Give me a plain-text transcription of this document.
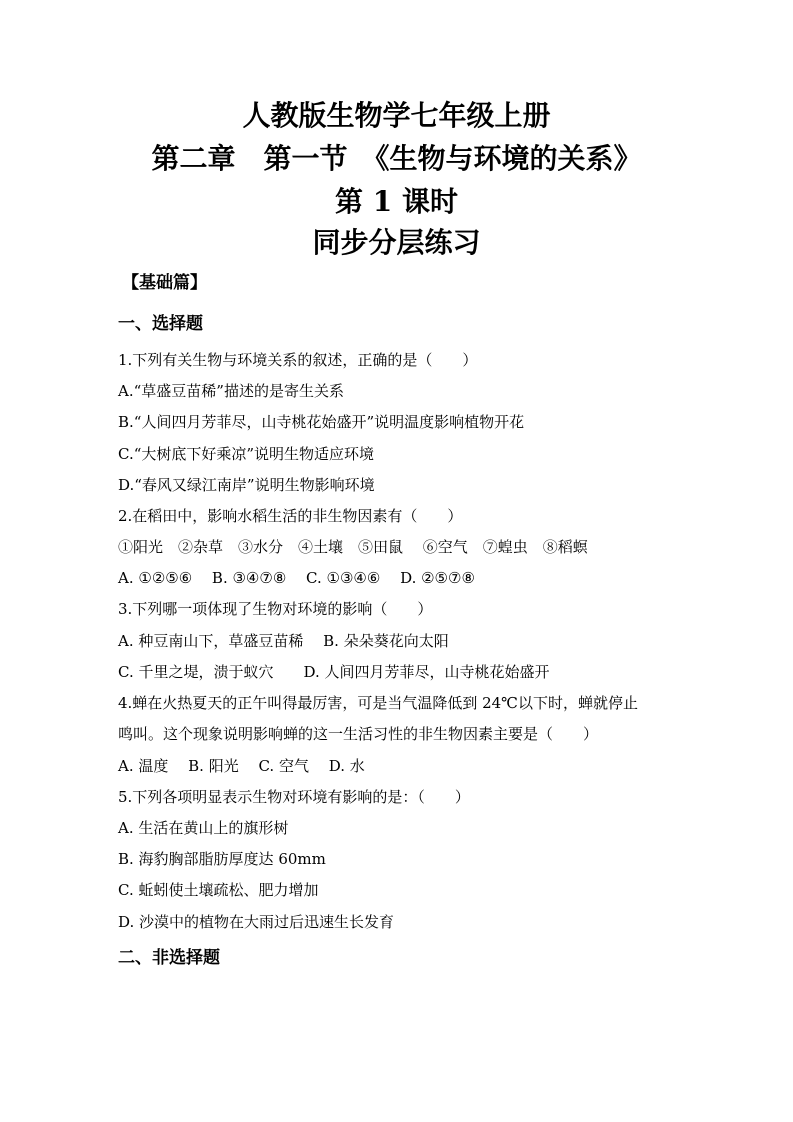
人教版生物学七年级上册
第二章　第一节　《生物与环境的关系》
第 1 课时
同步分层练习
【基础篇】
一、选择题
1.下列有关生物与环境关系的叙述，正确的是（　　）
A.“草盛豆苗稀”描述的是寄生关系
B.“人间四月芳菲尽，山寺桃花始盛开”说明温度影响植物开花
C.“大树底下好乘凉”说明生物适应环境
D.“春风又绿江南岸”说明生物影响环境
2.在稻田中，影响水稻生活的非生物因素有（　　）
①阳光　②杂草　③水分　④土壤　⑤田鼠　 ⑥空气　⑦蝗虫　⑧稻螟
A. ①②⑤⑥　 B. ③④⑦⑧　 C. ①③④⑥　 D. ②⑤⑦⑧
3.下列哪一项体现了生物对环境的影响（　　）
A. 种豆南山下，草盛豆苗稀　 B. 朵朵葵花向太阳
C. 千里之堤，溃于蚁穴　　D. 人间四月芳菲尽，山寺桃花始盛开
4.蝉在火热夏天的正午叫得最厉害，可是当气温降低到 24℃以下时，蝉就停止
鸣叫。这个现象说明影响蝉的这一生活习性的非生物因素主要是（　　）
A. 温度　 B. 阳光　 C. 空气　 D. 水
5.下列各项明显表示生物对环境有影响的是：（　　）
A. 生活在黄山上的旗形树
B. 海豹胸部脂肪厚度达 60mm
C. 蚯蚓使土壤疏松、肥力增加
D. 沙漠中的植物在大雨过后迅速生长发育
二、非选择题
